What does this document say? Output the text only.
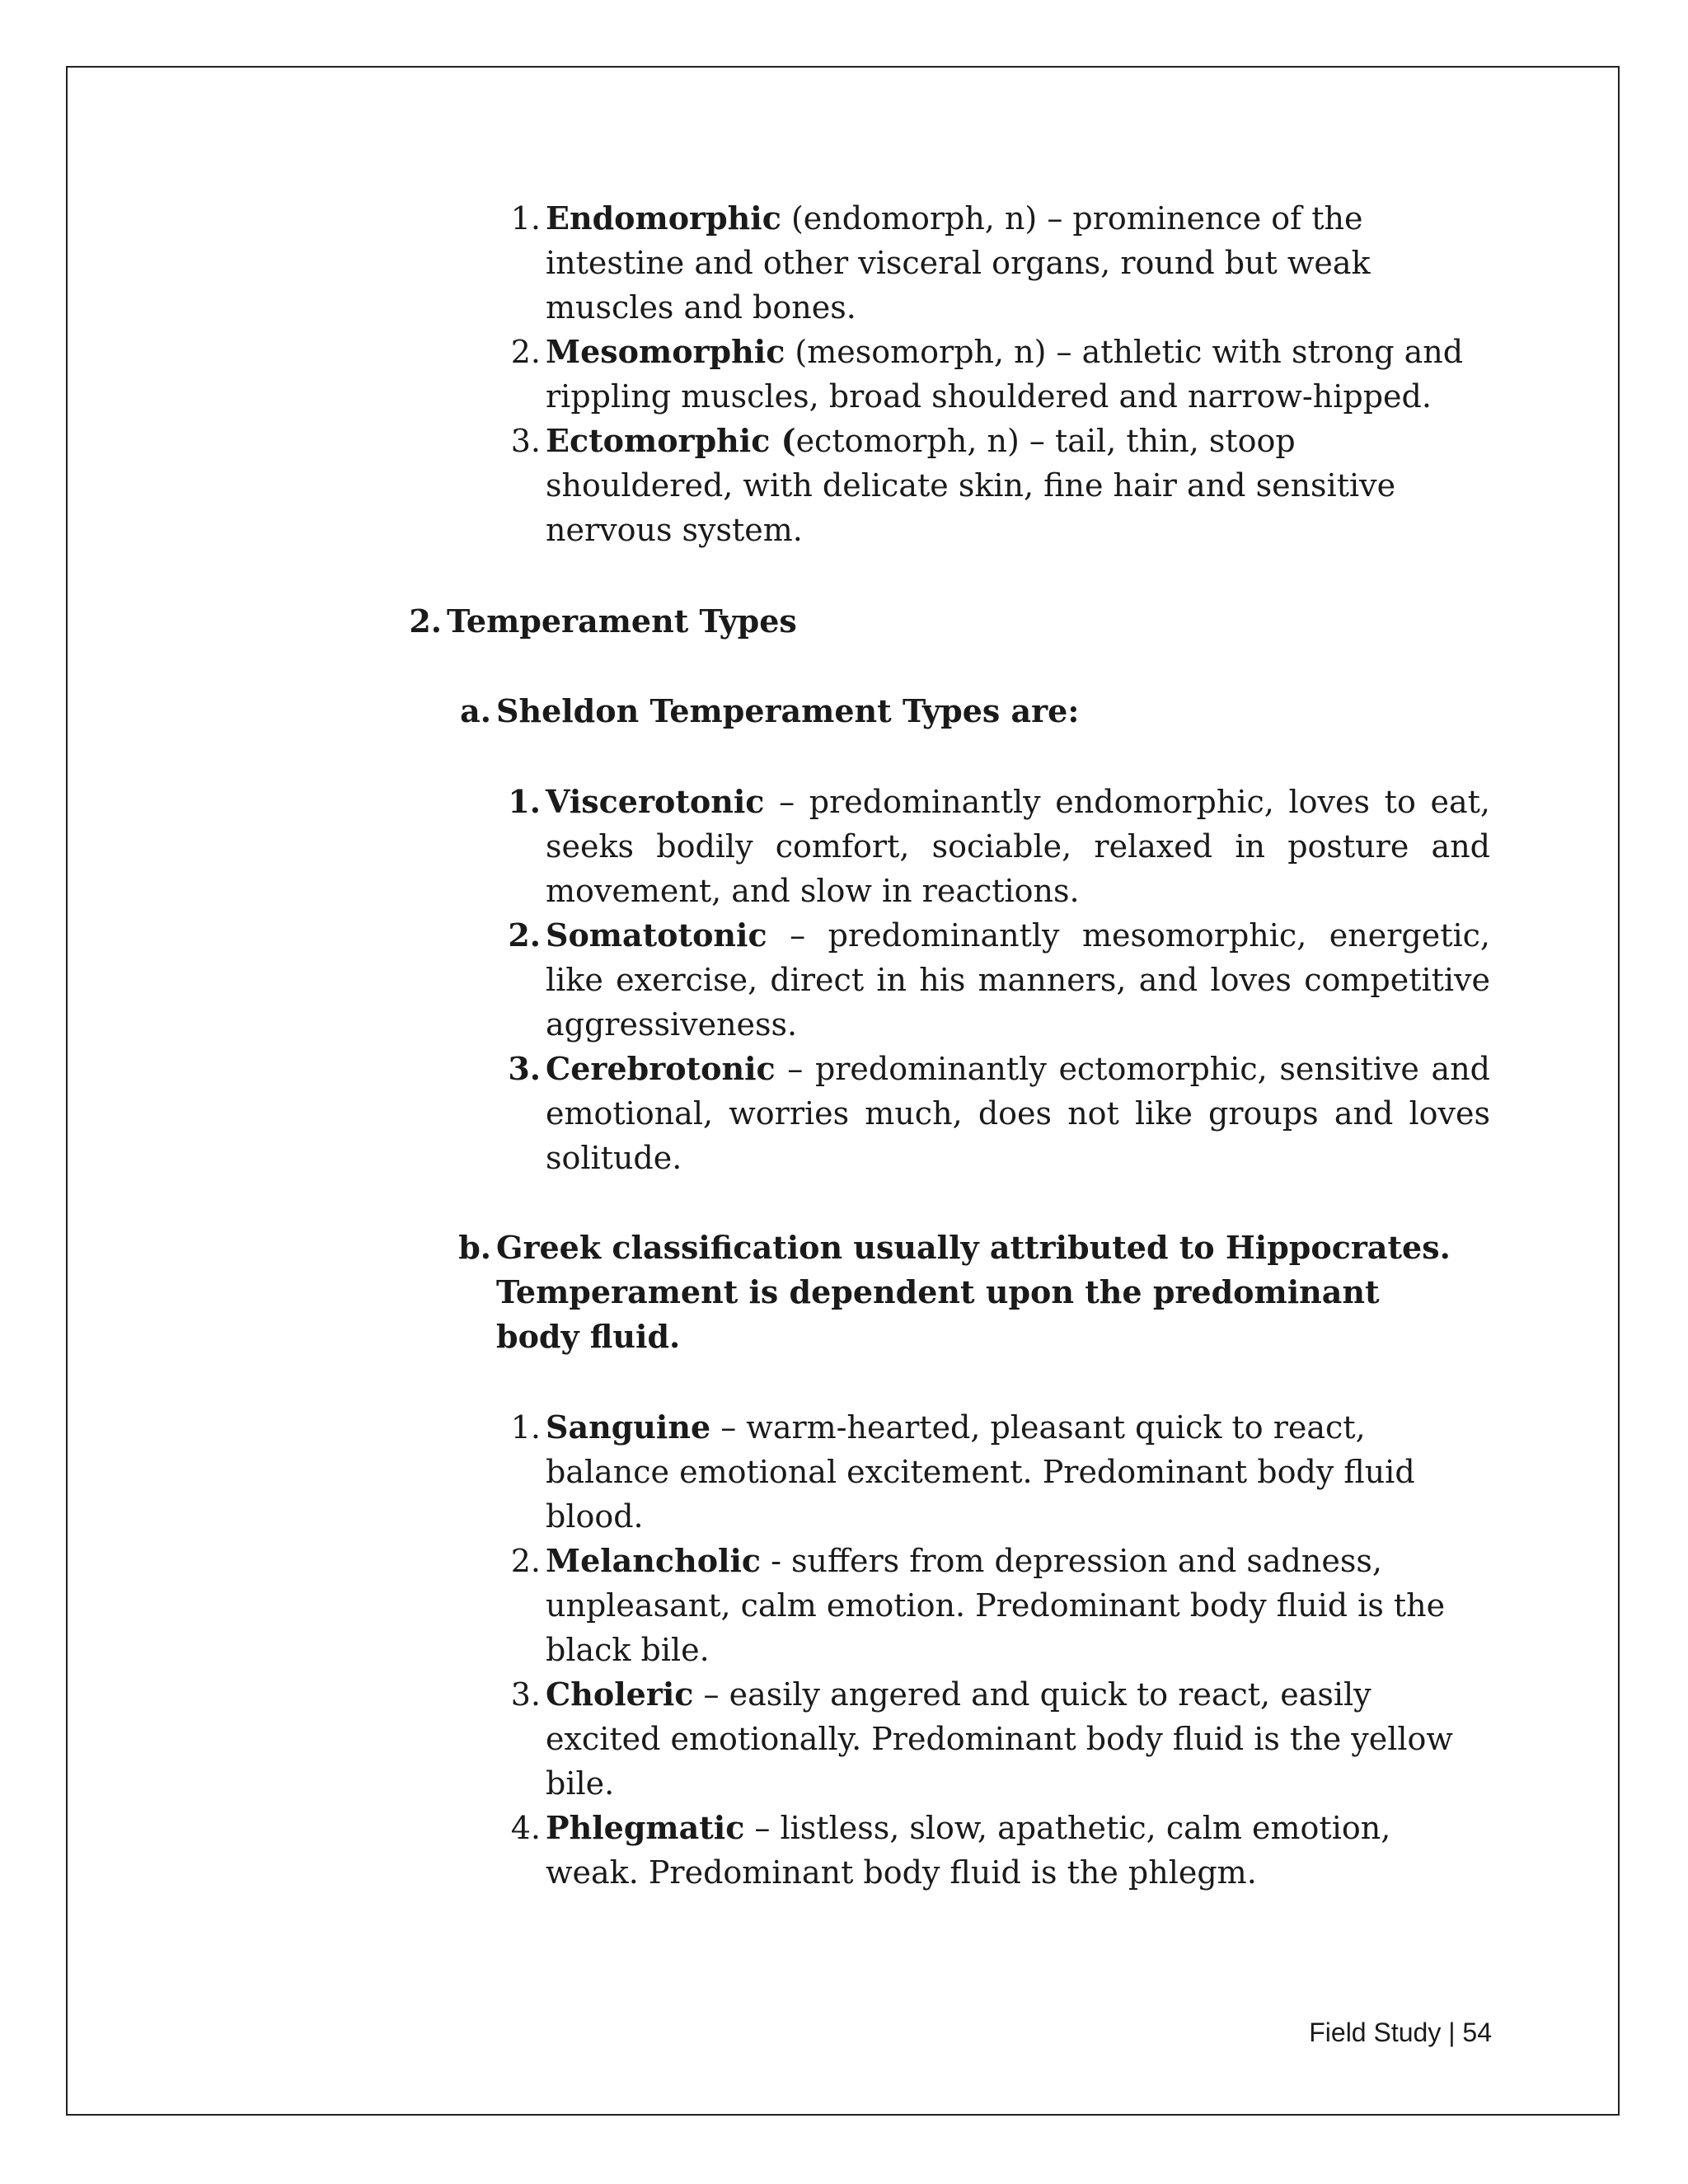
1. Endomorphic (endomorph, n) – prominence of the intestine and other visceral organs, round but weak muscles and bones.
2. Mesomorphic (mesomorph, n) – athletic with strong and rippling muscles, broad shouldered and narrow-hipped.
3. Ectomorphic (ectomorph, n) – tail, thin, stoop shouldered, with delicate skin, fine hair and sensitive nervous system.
2. Temperament Types
a. Sheldon Temperament Types are:
1. Viscerotonic – predominantly endomorphic, loves to eat, seeks bodily comfort, sociable, relaxed in posture and movement, and slow in reactions.
2. Somatotonic – predominantly mesomorphic, energetic, like exercise, direct in his manners, and loves competitive aggressiveness.
3. Cerebrotonic – predominantly ectomorphic, sensitive and emotional, worries much, does not like groups and loves solitude.
b. Greek classification usually attributed to Hippocrates. Temperament is dependent upon the predominant body fluid.
1. Sanguine – warm-hearted, pleasant quick to react, balance emotional excitement. Predominant body fluid blood.
2. Melancholic - suffers from depression and sadness, unpleasant, calm emotion. Predominant body fluid is the black bile.
3. Choleric – easily angered and quick to react, easily excited emotionally. Predominant body fluid is the yellow bile.
4. Phlegmatic – listless, slow, apathetic, calm emotion, weak. Predominant body fluid is the phlegm.
Field Study | 54
